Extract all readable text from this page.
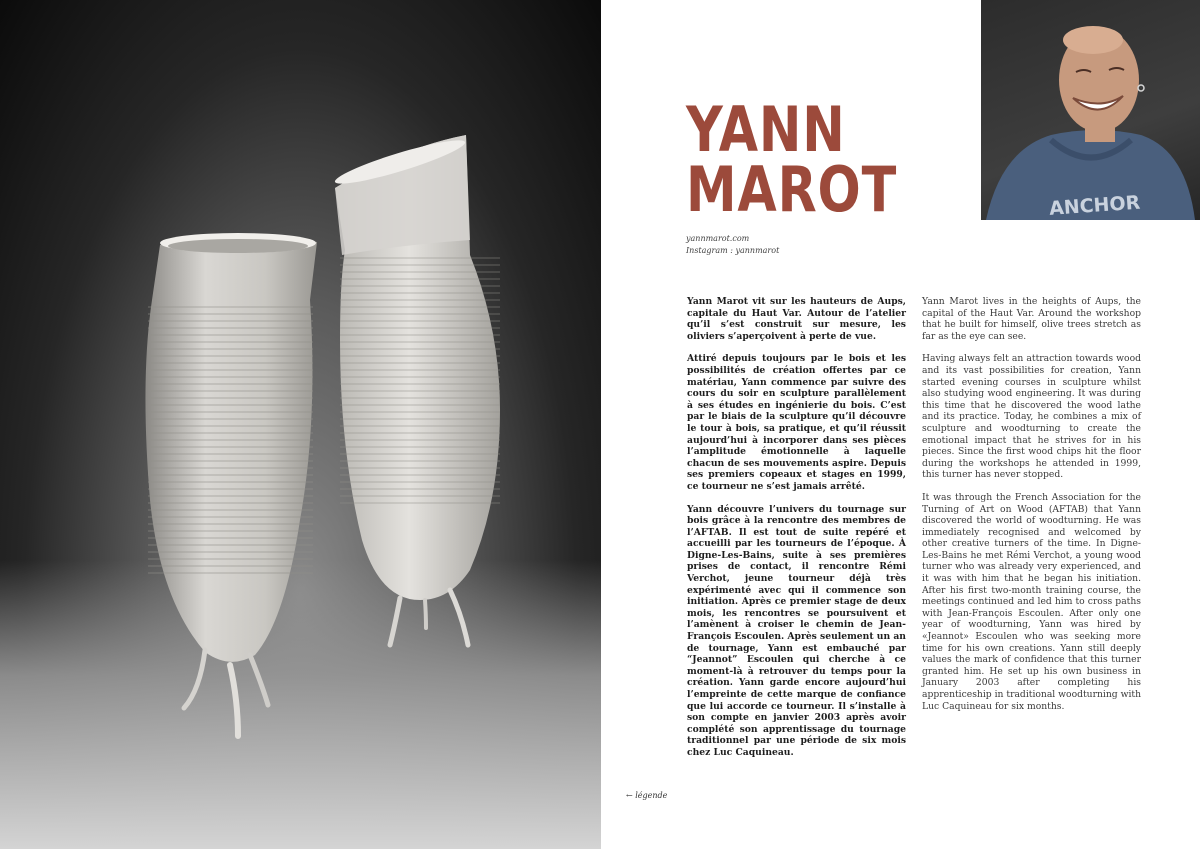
YANN
MAROT	ANCHOR
yannmarot.com
Instagram : yannmarot

Yann Marot vit sur les hauteurs de Aups, capitale du Haut Var. Autour de l’atelier qu’il s’est construit sur mesure, les oliviers s’aperçoivent à perte de vue.

Attiré depuis toujours par le bois et les possibilités de création offertes par ce matériau, Yann commence par suivre des cours du soir en sculpture parallèlement à ses études en ingénierie du bois. C’est par le biais de la sculpture qu’il découvre le tour à bois, sa pratique, et qu’il réussit aujourd’hui à incorporer dans ses pièces l’amplitude émotionnelle à laquelle chacun de ses mouvements aspire. Depuis ses premiers copeaux et stages en 1999, ce tourneur ne s’est jamais arrêté.

Yann découvre l’univers du tournage sur bois grâce à la rencontre des membres de l’AFTAB. Il est tout de suite repéré et accueilli par les tourneurs de l’époque. À Digne-Les-Bains, suite à ses premières prises de contact, il rencontre Rémi Verchot, jeune tourneur déjà très expérimenté avec qui il commence son initiation. Après ce premier stage de deux mois, les rencontres se poursuivent et l’amènent à croiser le chemin de Jean-François Escoulen. Après seulement un an de tournage, Yann est embauché par “Jeannot” Escoulen qui cherche à ce moment-là à retrouver du temps pour la création. Yann garde encore aujourd’hui l’empreinte de cette marque de confiance que lui accorde ce tourneur. Il s’installe à son compte en janvier 2003 après avoir complété son apprentissage du tournage traditionnel par une période de six mois chez Luc Caquineau.

Yann Marot lives in the heights of Aups, the capital of the Haut Var. Around the workshop that he built for himself, olive trees stretch as far as the eye can see.

Having always felt an attraction towards wood and its vast possibilities for creation, Yann started evening courses in sculpture whilst also studying wood engineering. It was during this time that he discovered the wood lathe and its practice. Today, he combines a mix of sculpture and woodturning to create the emotional impact that he strives for in his pieces. Since the first wood chips hit the floor during the workshops he attended in 1999, this turner has never stopped.

It was through the French Association for the Turning of Art on Wood (AFTAB) that Yann discovered the world of woodturning. He was immediately recognised and welcomed by other creative turners of the time. In Digne-Les-Bains he met Rémi Verchot, a young wood turner who was already very experienced, and it was with him that he began his initiation. After his first two-month training course, the meetings continued and led him to cross paths with Jean-François Escoulen. After only one year of woodturning, Yann was hired by «Jeannot» Escoulen who was seeking more time for his own creations. Yann still deeply values the mark of confidence that this turner granted him. He set up his own business in January 2003 after completing his apprenticeship in traditional woodturning with Luc Caquineau for six months.

← légende
